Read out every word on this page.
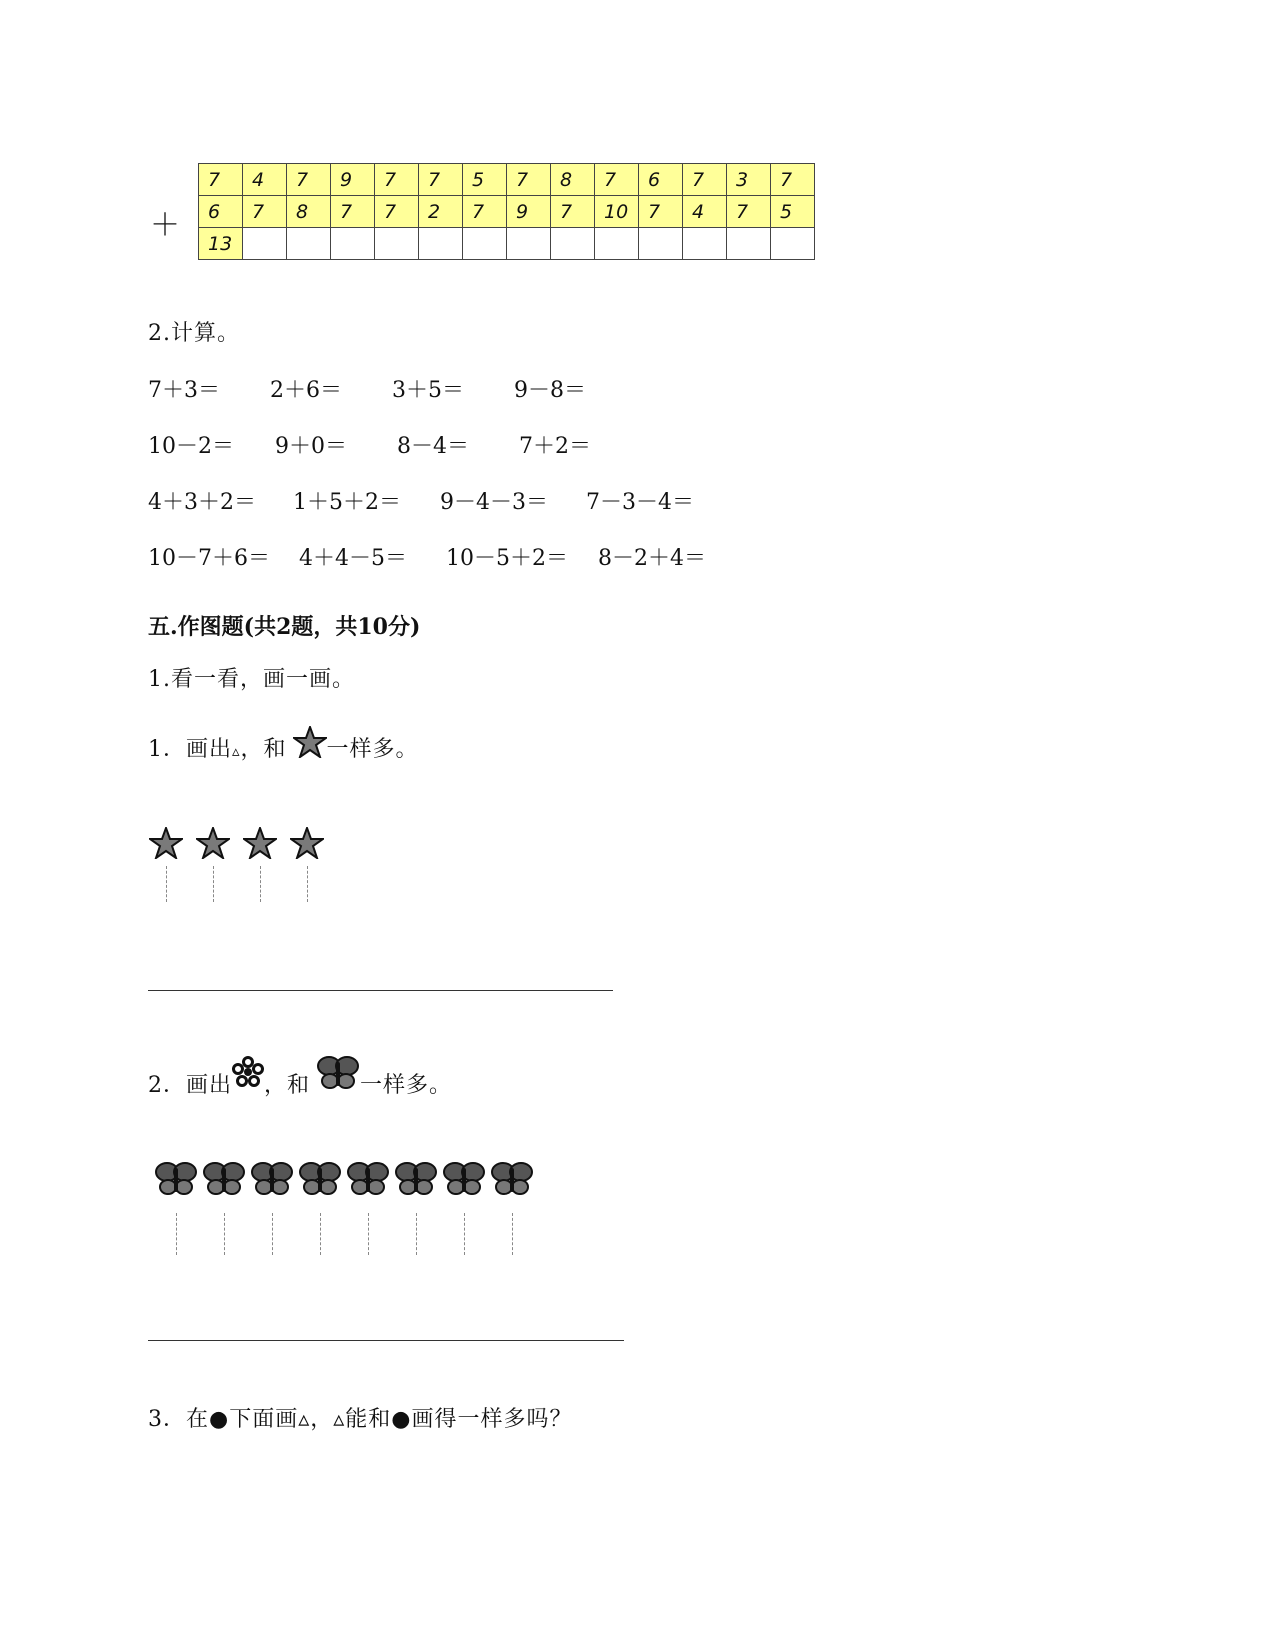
＋
7	4	7	9	7	7	5	7	8	7	6	7	3	7
6	7	8	7	7	2	7	9	7	10	7	4	7	5
13													
2.计算。
7＋3＝ 2＋6＝ 3＋5＝ 9－8＝
10－2＝ 9＋0＝ 8－4＝ 7＋2＝
4＋3＋2＝ 1＋5＋2＝ 9－4－3＝ 7－3－4＝
10－7＋6＝ 4＋4－5＝ 10－5＋2＝ 8－2＋4＝
五.作图题(共2题，共10分)
1.看一看，画一画。
1．画出▵，和 一样多。
2．画出 ，和 一样多。
3．在●下面画▵，▵能和●画得一样多吗？
